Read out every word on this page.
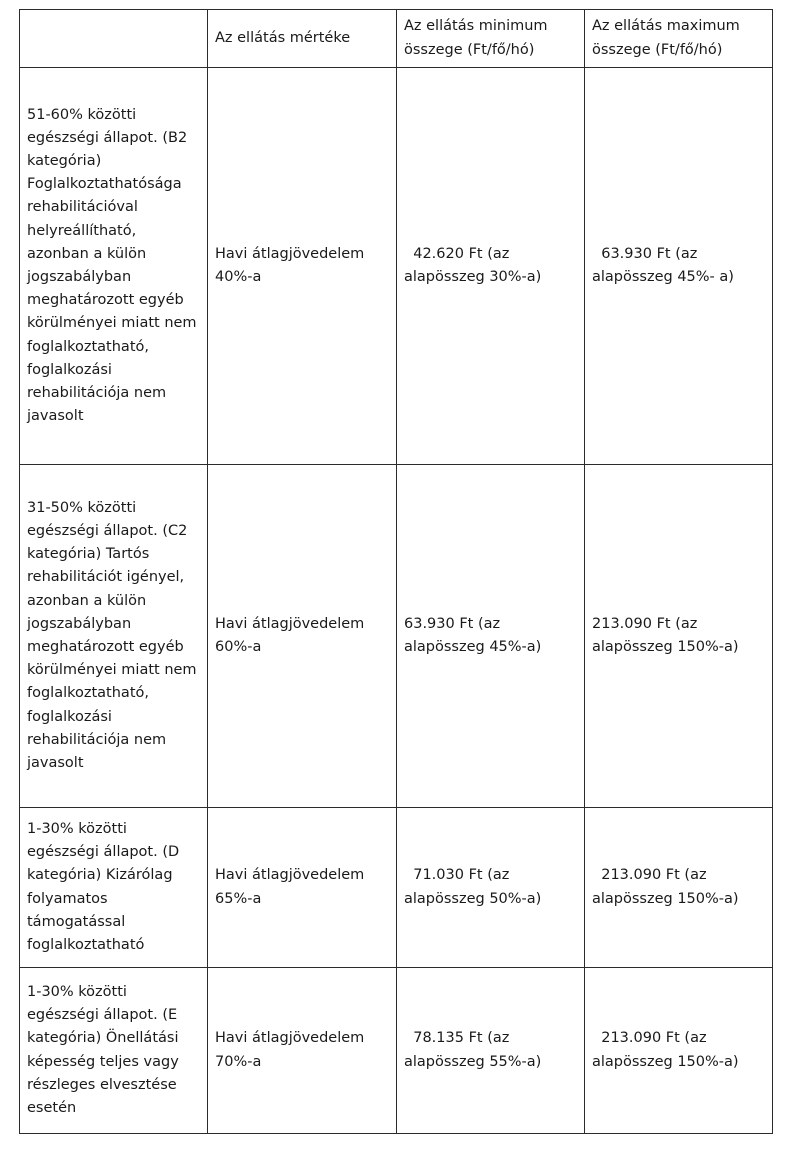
	Az ellátás mértéke	Az ellátás minimum összege (Ft/fő/hó)	Az ellátás maximum összege (Ft/fő/hó)
51-60% közötti egészségi állapot. (B2 kategória) Foglalkoztathatósága rehabilitációval helyreállítható, azonban a külön jogszabályban meghatározott egyéb körülményei miatt nem foglalkoztatható, foglalkozási rehabilitációja nem javasolt	Havi átlagjövedelem 40%-a	42.620 Ft (az alapösszeg 30%-a)	63.930 Ft (az alapösszeg 45%- a)
31-50% közötti egészségi állapot. (C2 kategória) Tartós rehabilitációt igényel, azonban a külön jogszabályban meghatározott egyéb körülményei miatt nem foglalkoztatható, foglalkozási rehabilitációja nem javasolt	Havi átlagjövedelem 60%-a	63.930 Ft (az alapösszeg 45%-a)	213.090 Ft (az alapösszeg 150%-a)
1-30% közötti egészségi állapot. (D kategória) Kizárólag folyamatos támogatással foglalkoztatható	Havi átlagjövedelem 65%-a	71.030 Ft (az alapösszeg 50%-a)	213.090 Ft (az alapösszeg 150%-a)
1-30% közötti egészségi állapot. (E kategória) Önellátási képesség teljes vagy részleges elvesztése esetén	Havi átlagjövedelem 70%-a	78.135 Ft (az alapösszeg 55%-a)	213.090 Ft (az alapösszeg 150%-a)
